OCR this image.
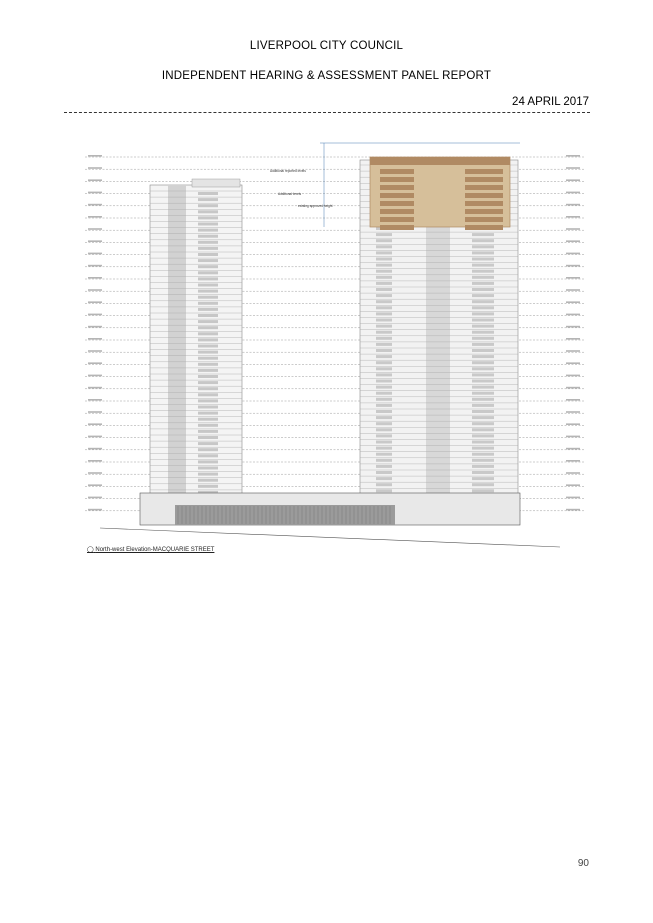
LIVERPOOL CITY COUNCIL
INDEPENDENT HEARING & ASSESSMENT PANEL REPORT
24 APRIL 2017
Additional reported levels
Additional levels
existing approved height
◯ North-west Elevation-MACQUARIE STREET
90
